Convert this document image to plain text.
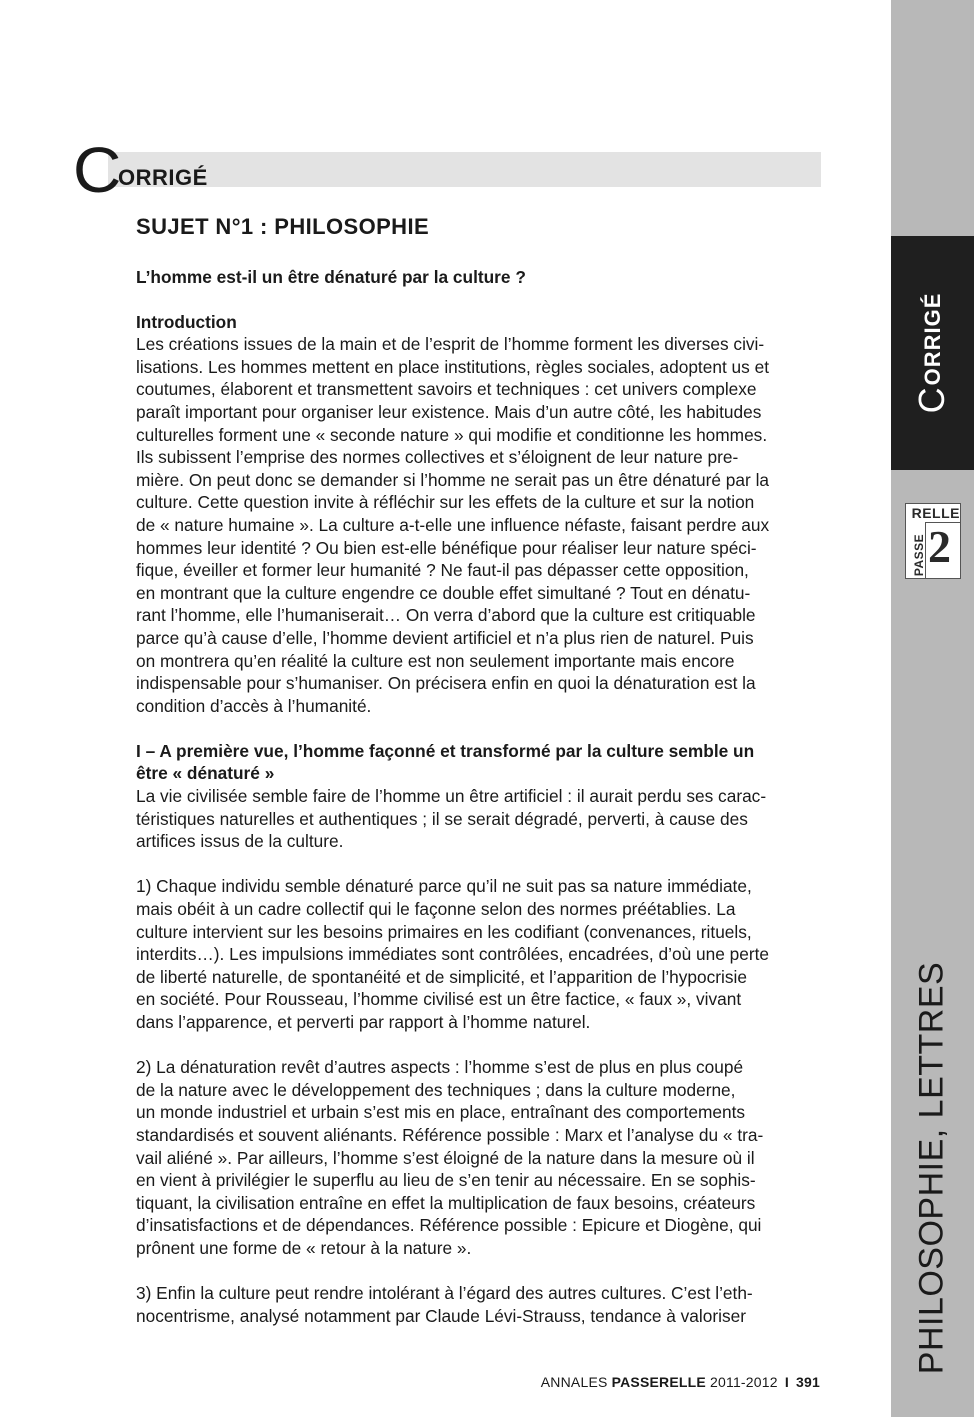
C
ORRIGÉ
SUJET N°1 : PHILOSOPHIE
L’homme est-il un être dénaturé par la culture ?
Introduction
Les créations issues de la main et de l’esprit de l’homme forment les diverses civi-
lisations. Les hommes mettent en place institutions, règles sociales, adoptent us et
coutumes, élaborent et transmettent savoirs et techniques : cet univers complexe
paraît important pour organiser leur existence. Mais d’un autre côté, les habitudes
culturelles forment une « seconde nature » qui modifie et conditionne les hommes.
Ils subissent l’emprise des normes collectives et s’éloignent de leur nature pre-
mière. On peut donc se demander si l’homme ne serait pas un être dénaturé par la
culture. Cette question invite à réfléchir sur les effets de la culture et sur la notion
de « nature humaine ». La culture a-t-elle une influence néfaste, faisant perdre aux
hommes leur identité ? Ou bien est-elle bénéfique pour réaliser leur nature spéci-
fique, éveiller et former leur humanité ? Ne faut-il pas dépasser cette opposition,
en montrant que la culture engendre ce double effet simultané ? Tout en dénatu-
rant l’homme, elle l’humaniserait… On verra d’abord que la culture est critiquable
parce qu’à cause d’elle, l’homme devient artificiel et n’a plus rien de naturel. Puis
on montrera qu’en réalité la culture est non seulement importante mais encore
indispensable pour s’humaniser. On précisera enfin en quoi la dénaturation est la
condition d’accès à l’humanité.
I – A première vue, l’homme façonné et transformé par la culture semble un
être « dénaturé »
La vie civilisée semble faire de l’homme un être artificiel : il aurait perdu ses carac-
téristiques naturelles et authentiques ; il se serait dégradé, perverti, à cause des
artifices issus de la culture.
1) Chaque individu semble dénaturé parce qu’il ne suit pas sa nature immédiate,
mais obéit à un cadre collectif qui le façonne selon des normes préétablies. La
culture intervient sur les besoins primaires en les codifiant (convenances, rituels,
interdits…). Les impulsions immédiates sont contrôlées, encadrées, d’où une perte
de liberté naturelle, de spontanéité et de simplicité, et l’apparition de l’hypocrisie
en société. Pour Rousseau, l’homme civilisé est un être factice, « faux », vivant
dans l’apparence, et perverti par rapport à l’homme naturel.
2) La dénaturation revêt d’autres aspects : l’homme s’est de plus en plus coupé
de la nature avec le développement des techniques ; dans la culture moderne,
un monde industriel et urbain s’est mis en place, entraînant des comportements
standardisés et souvent aliénants. Référence possible : Marx et l’analyse du « tra-
vail aliéné ». Par ailleurs, l’homme s’est éloigné de la nature dans la mesure où il
en vient à privilégier le superflu au lieu de s’en tenir au nécessaire. En se sophis-
tiquant, la civilisation entraîne en effet la multiplication de faux besoins, créateurs
d’insatisfactions et de dépendances. Référence possible : Epicure et Diogène, qui
prônent une forme de « retour à la nature ».
3) Enfin la culture peut rendre intolérant à l’égard des autres cultures. C’est l’eth-
nocentrisme, analysé notamment par Claude Lévi-Strauss, tendance à valoriser
ANNALES PASSERELLE 2011-2012 I 391
CORRIGÉ
RELLE
PASSE 2
PHILOSOPHIE, LETTRES
